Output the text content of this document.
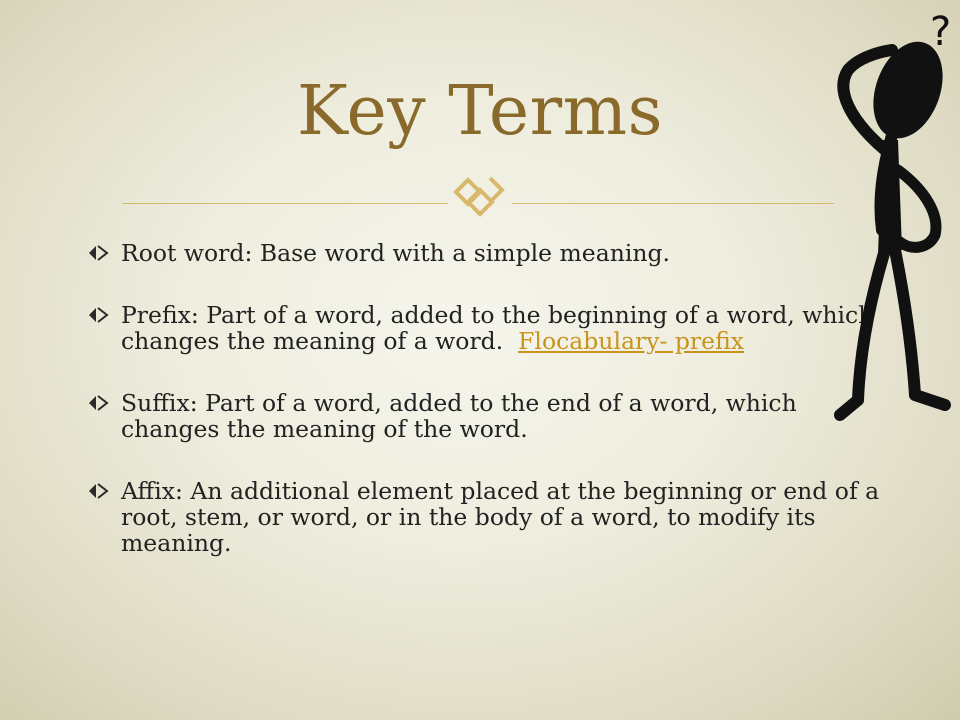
Key Terms
Root word: Base word with a simple meaning.
Prefix: Part of a word, added to the beginning of a word, which changes the meaning of a word.  Flocabulary- prefix
Suffix: Part of a word, added to the end of a word, which changes the meaning of the word.
Affix: An additional element placed at the beginning or end of a root, stem, or word, or in the body of a word, to modify its meaning.
?
